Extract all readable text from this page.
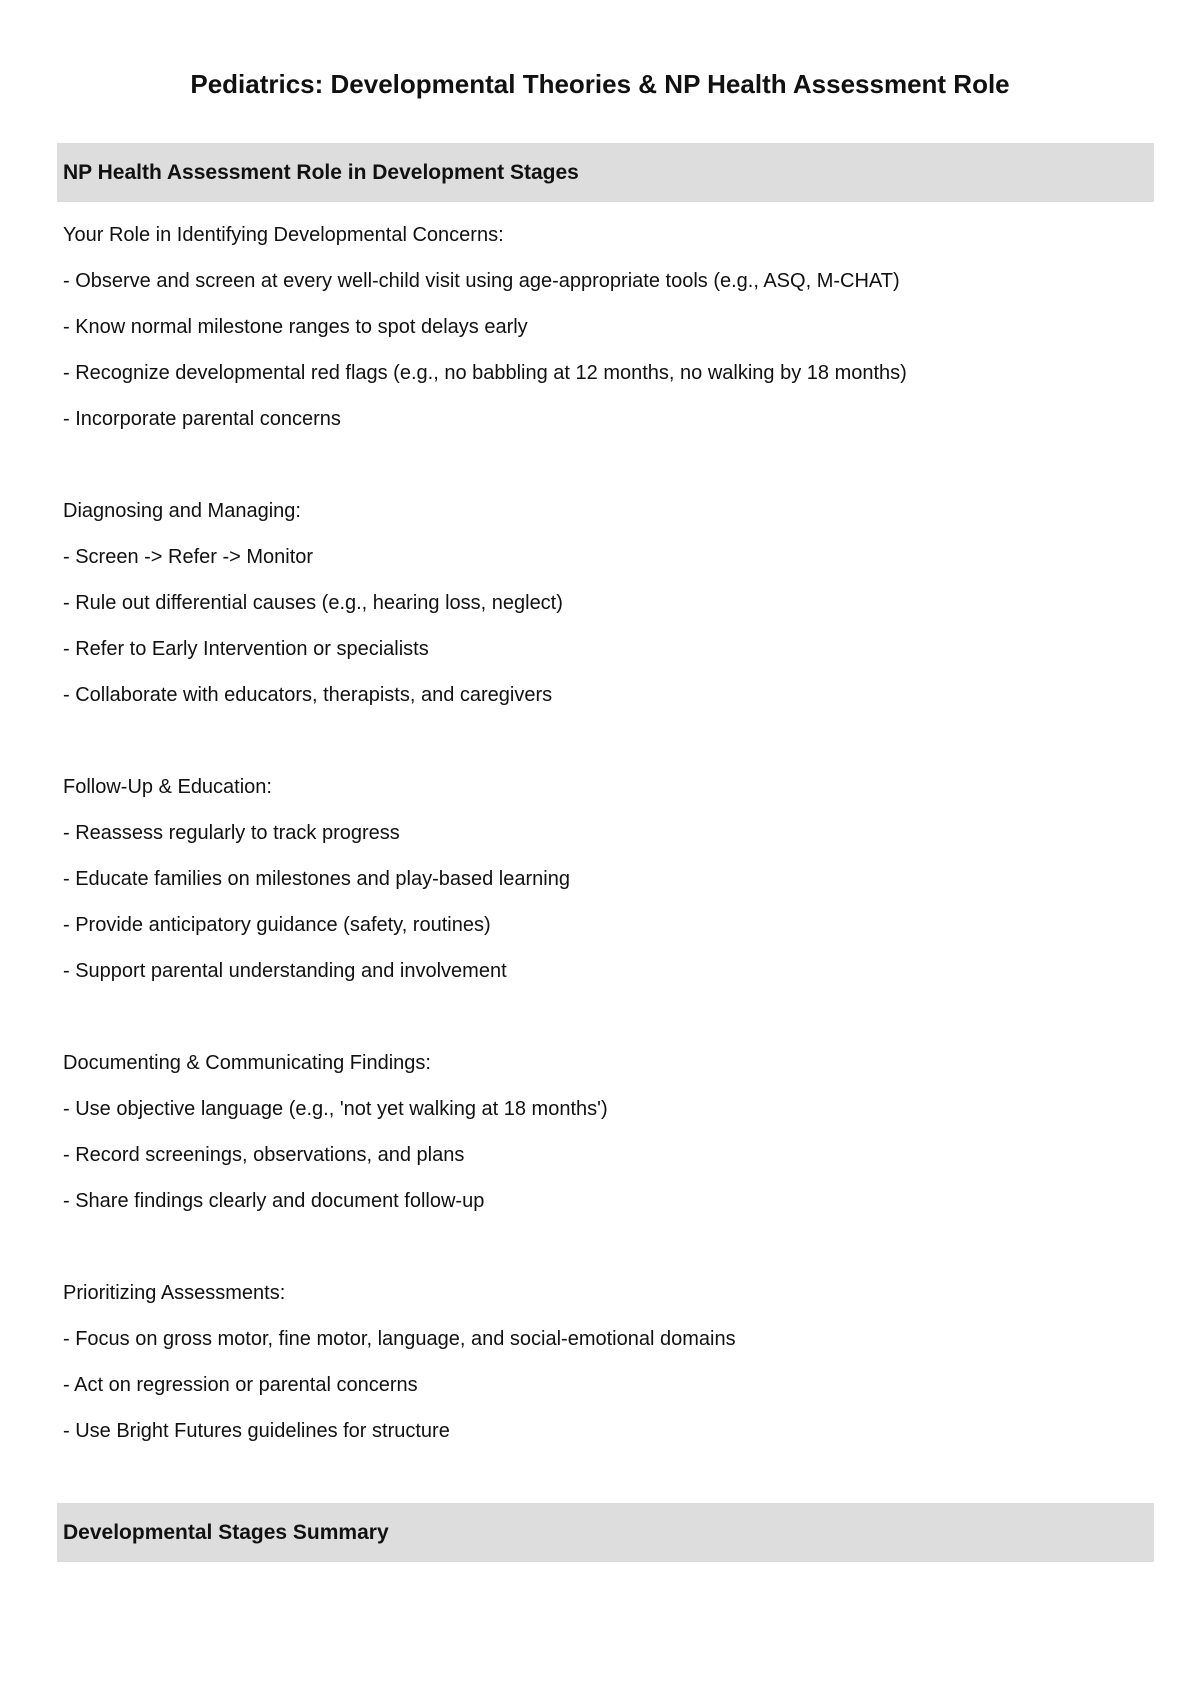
Pediatrics: Developmental Theories & NP Health Assessment Role
NP Health Assessment Role in Development Stages
Your Role in Identifying Developmental Concerns:
- Observe and screen at every well-child visit using age-appropriate tools (e.g., ASQ, M-CHAT)
- Know normal milestone ranges to spot delays early
- Recognize developmental red flags (e.g., no babbling at 12 months, no walking by 18 months)
- Incorporate parental concerns
Diagnosing and Managing:
- Screen -> Refer -> Monitor
- Rule out differential causes (e.g., hearing loss, neglect)
- Refer to Early Intervention or specialists
- Collaborate with educators, therapists, and caregivers
Follow-Up & Education:
- Reassess regularly to track progress
- Educate families on milestones and play-based learning
- Provide anticipatory guidance (safety, routines)
- Support parental understanding and involvement
Documenting & Communicating Findings:
- Use objective language (e.g., 'not yet walking at 18 months')
- Record screenings, observations, and plans
- Share findings clearly and document follow-up
Prioritizing Assessments:
- Focus on gross motor, fine motor, language, and social-emotional domains
- Act on regression or parental concerns
- Use Bright Futures guidelines for structure
Developmental Stages Summary
